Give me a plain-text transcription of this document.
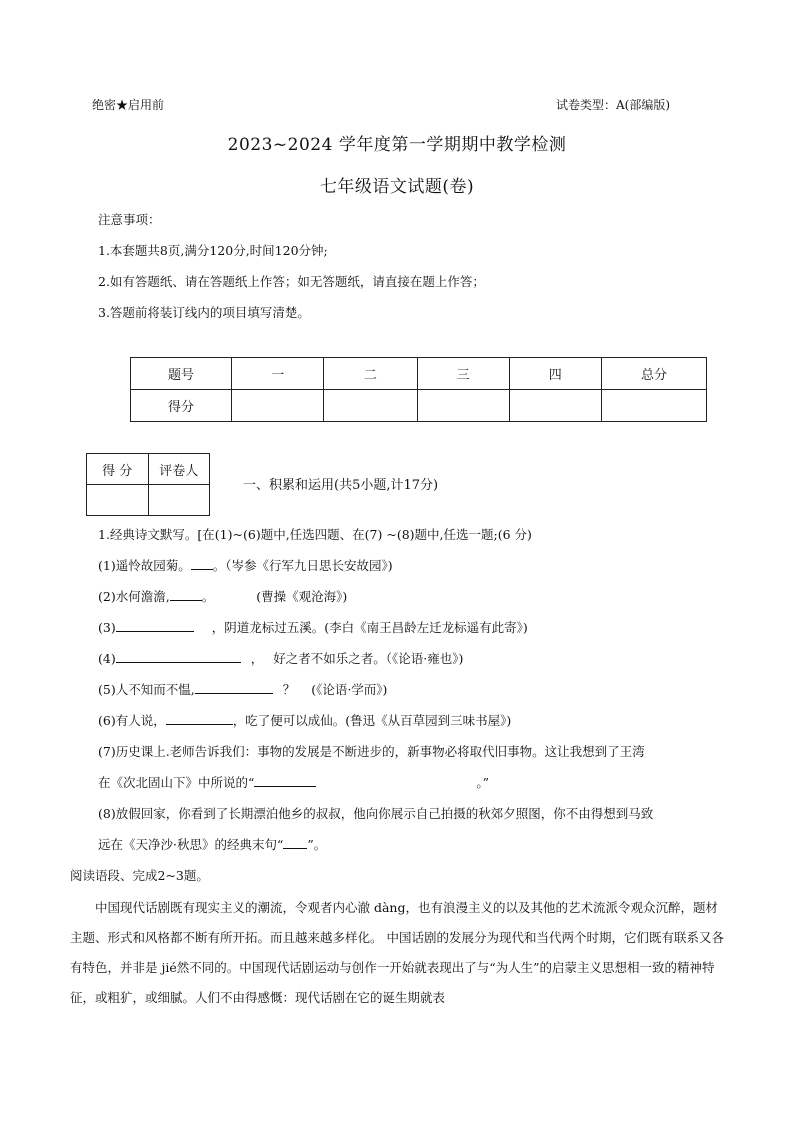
绝密★启用前	试卷类型：A(部编版)
2023~2024 学年度第一学期期中教学检测
七年级语文试题(卷)
注意事项：
1.本套题共8页,满分120分,时间120分钟;
2.如有答题纸、请在答题纸上作答；如无答题纸，请直接在题上作答；
3.答题前将装订线内的项目填写清楚。
题号	一	二	三	四	总分
得分					
得 分	评卷人

一、积累和运用(共5小题,计17分)
1.经典诗文默写。[在(1)~(6)题中,任选四题、在(7) ~(8)题中,任选一题;(6 分)
(1)遥怜故园菊。 。（岑参《行军九日思长安故园》)
(2)水何澹澹,	。	(曹操《观沧海》)
(3)	，阴道龙标过五溪。(李白《南王昌龄左迁龙标遥有此寄》)
(4)	， 好之者不如乐之者。（《论语·雍也》)
(5)人不知而不愠,	？ (《论语·学而》)
(6)有人说，	，吃了便可以成仙。(鲁迅《从百草园到三味书屋》)
(7)历史课上.老师告诉我们：事物的发展是不断进步的，新事物必将取代旧事物。这让我想到了王湾
在《次北固山下》中所说的“	。”
(8)放假回家，你看到了长期漂泊他乡的叔叔，他向你展示自己拍摄的秋郊夕照图，你不由得想到马致
远在《天净沙·秋思》的经典末句“ ”。
阅读语段、完成2~3题。
中国现代话剧既有现实主义的潮流，令观者内心澈 dàng，也有浪漫主义的以及其他的艺术流派令观众沉醉，题材主题、形式和风格都不断有所开拓。而且越来越多样化。 中国话剧的发展分为现代和当代两个时期，它们既有联系又各有特色，并非是 jié然不同的。中国现代话剧运动与创作一开始就表现出了与“为人生”的启蒙主义思想相一致的精神特征，或粗犷，或细腻。人们不由得感慨：现代话剧在它的诞生期就表
